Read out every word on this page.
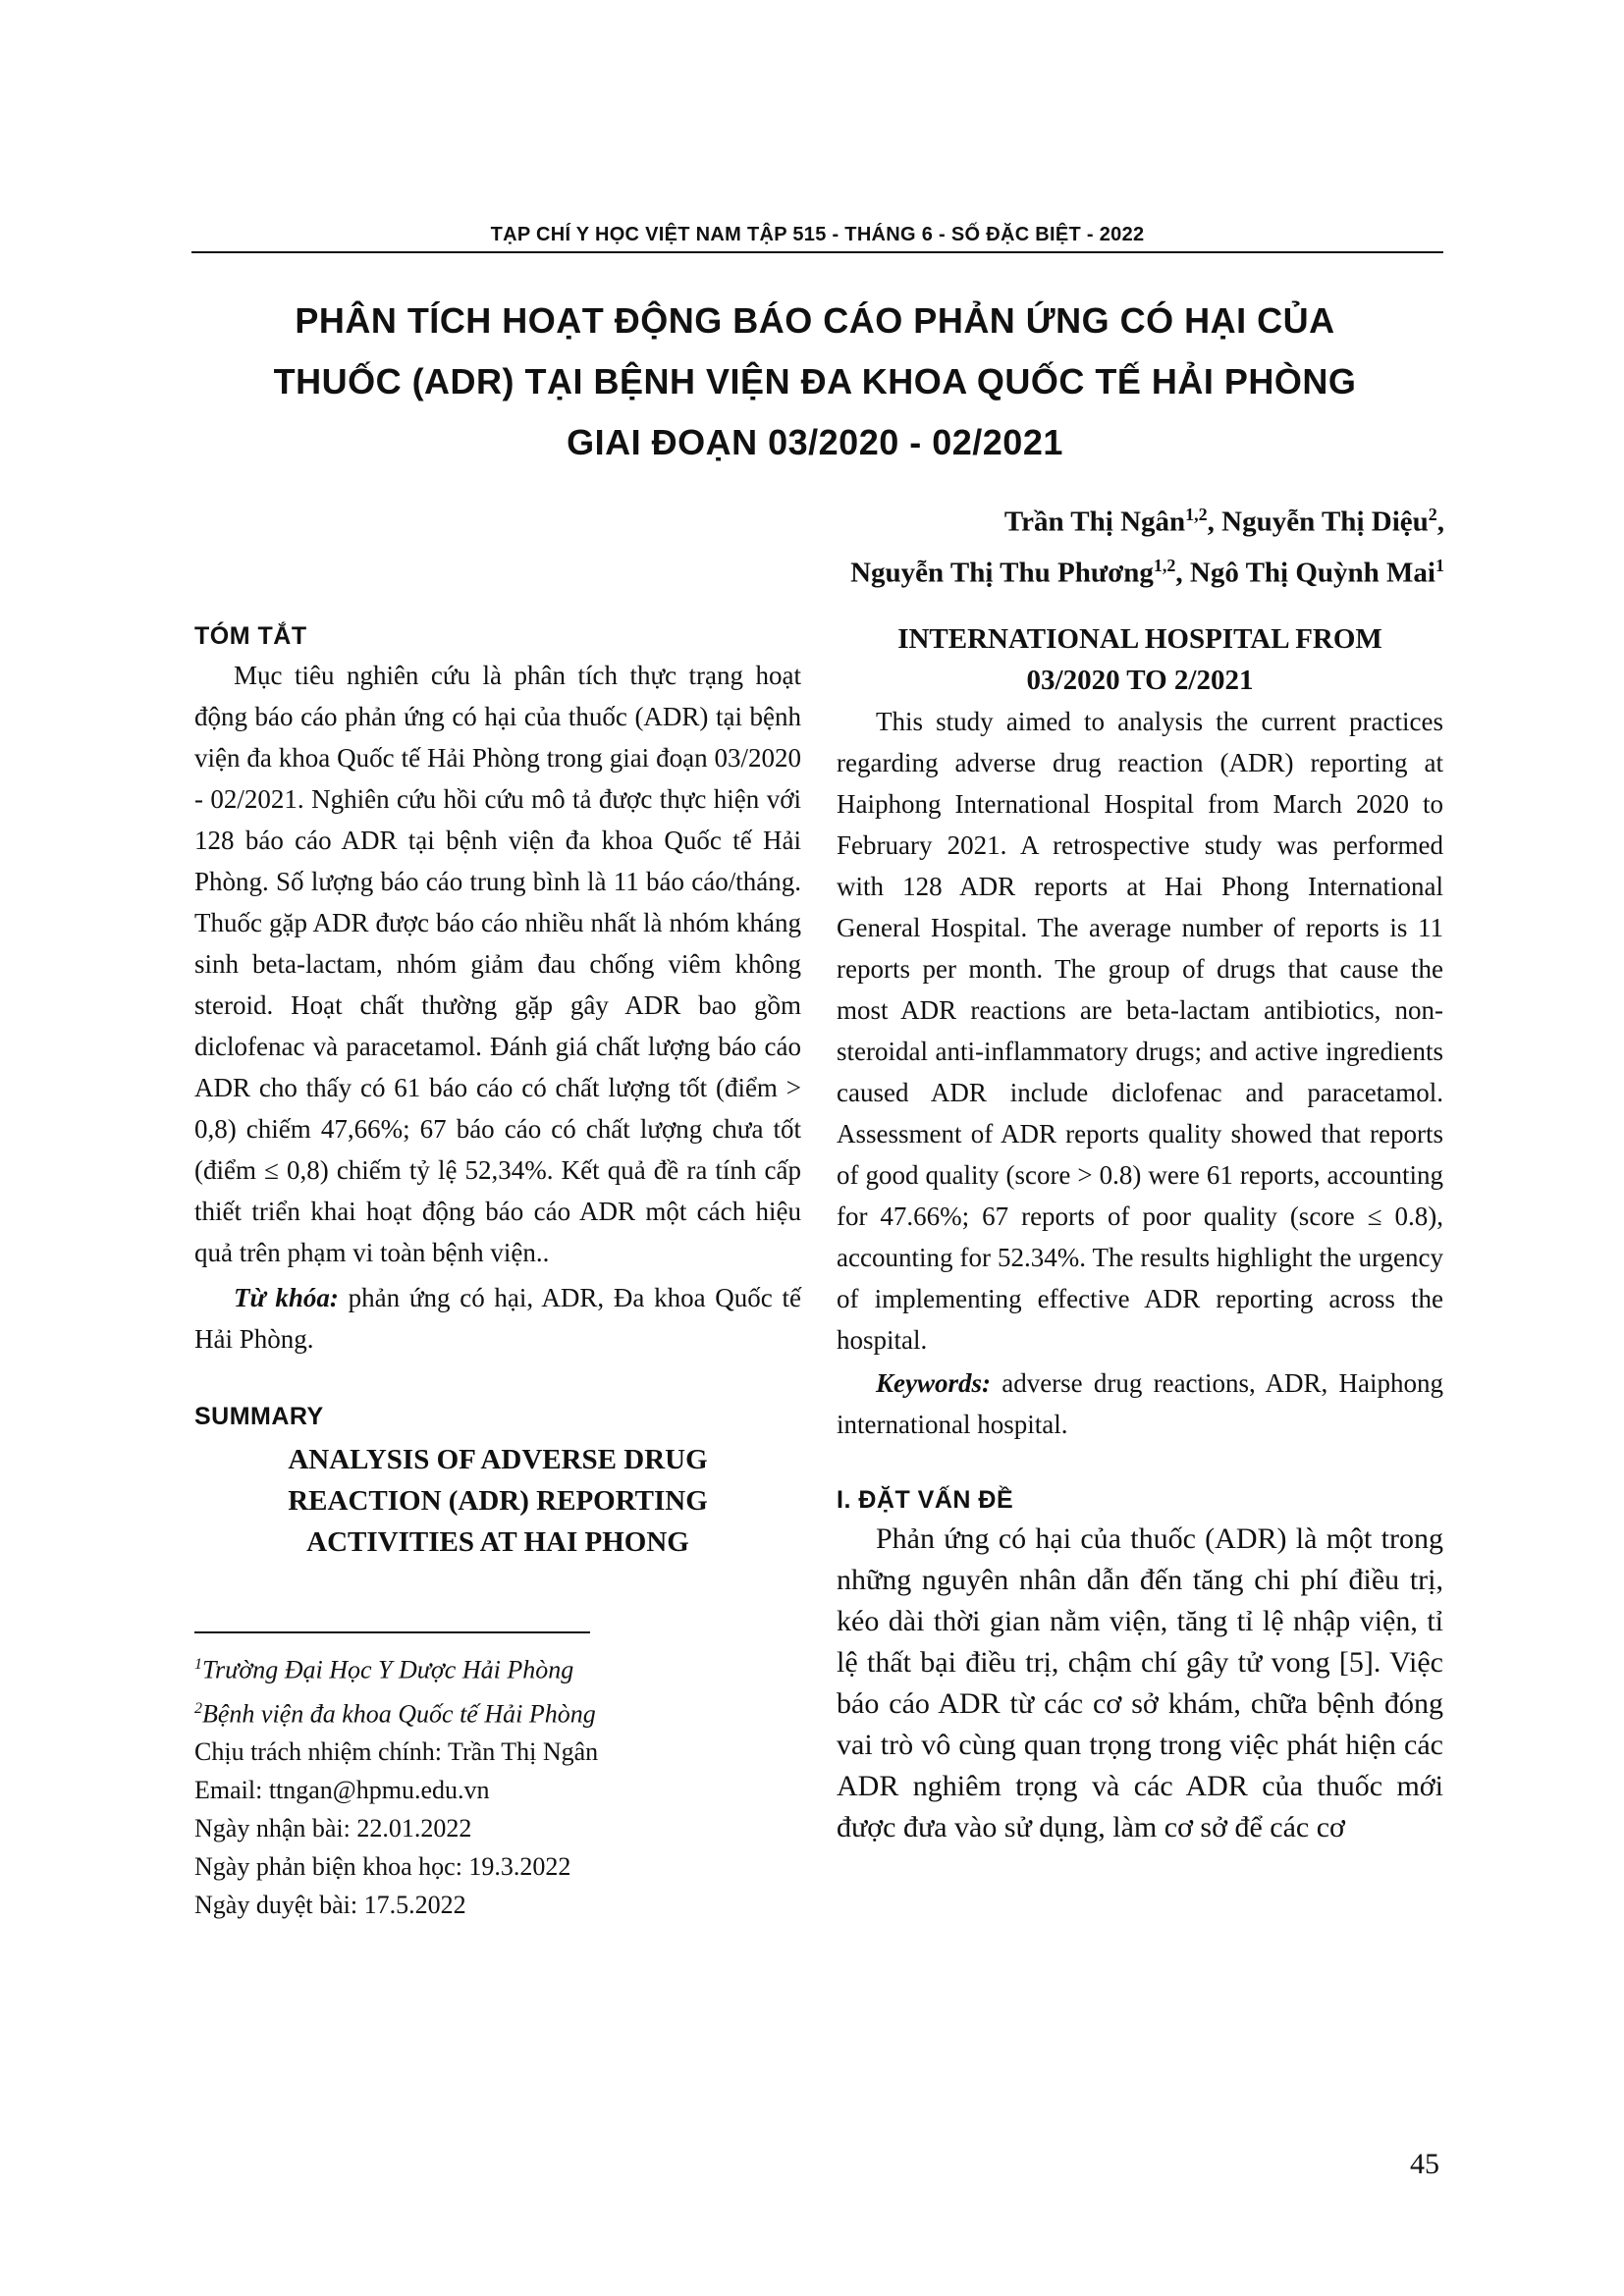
TẠP CHÍ Y HỌC VIỆT NAM TẬP 515 - THÁNG 6 - SỐ ĐẶC BIỆT - 2022
PHÂN TÍCH HOẠT ĐỘNG BÁO CÁO PHẢN ỨNG CÓ HẠI CỦA
THUỐC (ADR) TẠI BỆNH VIỆN ĐA KHOA QUỐC TẾ HẢI PHÒNG
GIAI ĐOẠN 03/2020 - 02/2021
Trần Thị Ngân$^{1,2}$, Nguyễn Thị Diệu$^2$,
Nguyễn Thị Thu Phương$^{1,2}$, Ngô Thị Quỳnh Mai$^1$

TÓM TẮT

Mục tiêu nghiên cứu là phân tích thực trạng hoạt động báo cáo phản ứng có hại của thuốc (ADR) tại bệnh viện đa khoa Quốc tế Hải Phòng trong giai đoạn 03/2020 - 02/2021. Nghiên cứu hồi cứu mô tả được thực hiện với 128 báo cáo ADR tại bệnh viện đa khoa Quốc tế Hải Phòng. Số lượng báo cáo trung bình là 11 báo cáo/tháng. Thuốc gặp ADR được báo cáo nhiều nhất là nhóm kháng sinh beta-lactam, nhóm giảm đau chống viêm không steroid. Hoạt chất thường gặp gây ADR bao gồm diclofenac và paracetamol. Đánh giá chất lượng báo cáo ADR cho thấy có 61 báo cáo có chất lượng tốt (điểm > 0,8) chiếm 47,66%; 67 báo cáo có chất lượng chưa tốt (điểm ≤ 0,8) chiếm tỷ lệ 52,34%. Kết quả đề ra tính cấp thiết triển khai hoạt động báo cáo ADR một cách hiệu quả trên phạm vi toàn bệnh viện..

Từ khóa: phản ứng có hại, ADR, Đa khoa Quốc tế Hải Phòng.

SUMMARY

ANALYSIS OF ADVERSE DRUG

REACTION (ADR) REPORTING

ACTIVITIES AT HAI PHONG

$^1$Trường Đại Học Y Dược Hải Phòng
$^2$Bệnh viện đa khoa Quốc tế Hải Phòng
Chịu trách nhiệm chính: Trần Thị Ngân
Email: ttngan@hpmu.edu.vn
Ngày nhận bài: 22.01.2022
Ngày phản biện khoa học: 19.3.2022
Ngày duyệt bài: 17.5.2022

INTERNATIONAL HOSPITAL FROM

03/2020 TO 2/2021

This study aimed to analysis the current practices regarding adverse drug reaction (ADR) reporting at Haiphong International Hospital from March 2020 to February 2021. A retrospective study was performed with 128 ADR reports at Hai Phong International General Hospital. The average number of reports is 11 reports per month. The group of drugs that cause the most ADR reactions are beta-lactam antibiotics, non-steroidal anti-inflammatory drugs; and active ingredients caused ADR include diclofenac and paracetamol. Assessment of ADR reports quality showed that reports of good quality (score > 0.8) were 61 reports, accounting for 47.66%; 67 reports of poor quality (score ≤ 0.8), accounting for 52.34%. The results highlight the urgency of implementing effective ADR reporting across the hospital.

Keywords: adverse drug reactions, ADR, Haiphong international hospital.

I. ĐẶT VẤN ĐỀ

Phản ứng có hại của thuốc (ADR) là một trong những nguyên nhân dẫn đến tăng chi phí điều trị, kéo dài thời gian nằm viện, tăng tỉ lệ nhập viện, tỉ lệ thất bại điều trị, chậm chí gây tử vong [5]. Việc báo cáo ADR từ các cơ sở khám, chữa bệnh đóng vai trò vô cùng quan trọng trong việc phát hiện các ADR nghiêm trọng và các ADR của thuốc mới được đưa vào sử dụng, làm cơ sở để các cơ

45
